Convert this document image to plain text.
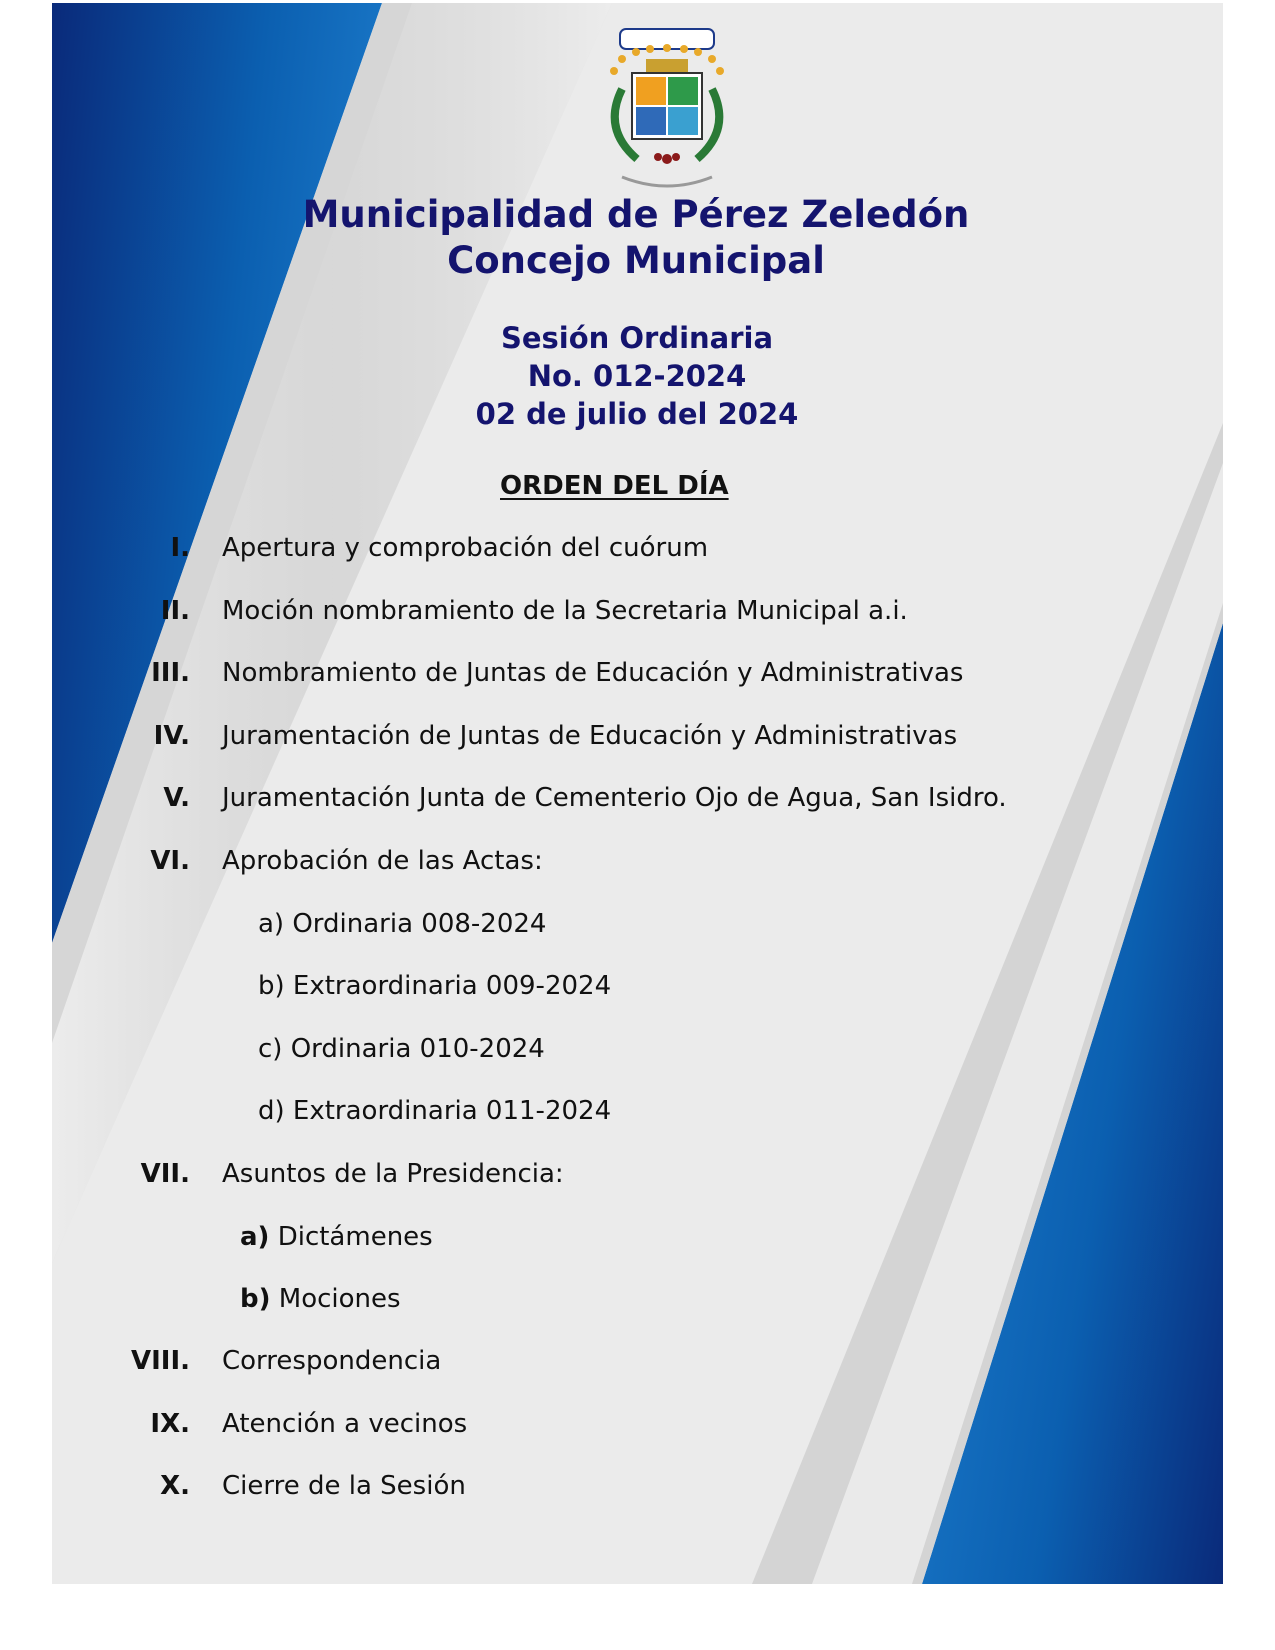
Municipalidad de Pérez Zeledón
Concejo Municipal
Sesión Ordinaria
No. 012-2024
02 de julio del 2024
ORDEN DEL DÍA
I. Apertura y comprobación del cuórum
II. Moción nombramiento de la Secretaria Municipal a.i.
III. Nombramiento de Juntas de Educación y Administrativas
IV. Juramentación de Juntas de Educación y Administrativas
V. Juramentación Junta de Cementerio Ojo de Agua, San Isidro.
VI. Aprobación de las Actas:
a) Ordinaria 008-2024
b) Extraordinaria 009-2024
c) Ordinaria 010-2024
d) Extraordinaria 011-2024
VII. Asuntos de la Presidencia:
a) Dictámenes
b) Mociones
VIII. Correspondencia
IX. Atención a vecinos
X. Cierre de la Sesión
